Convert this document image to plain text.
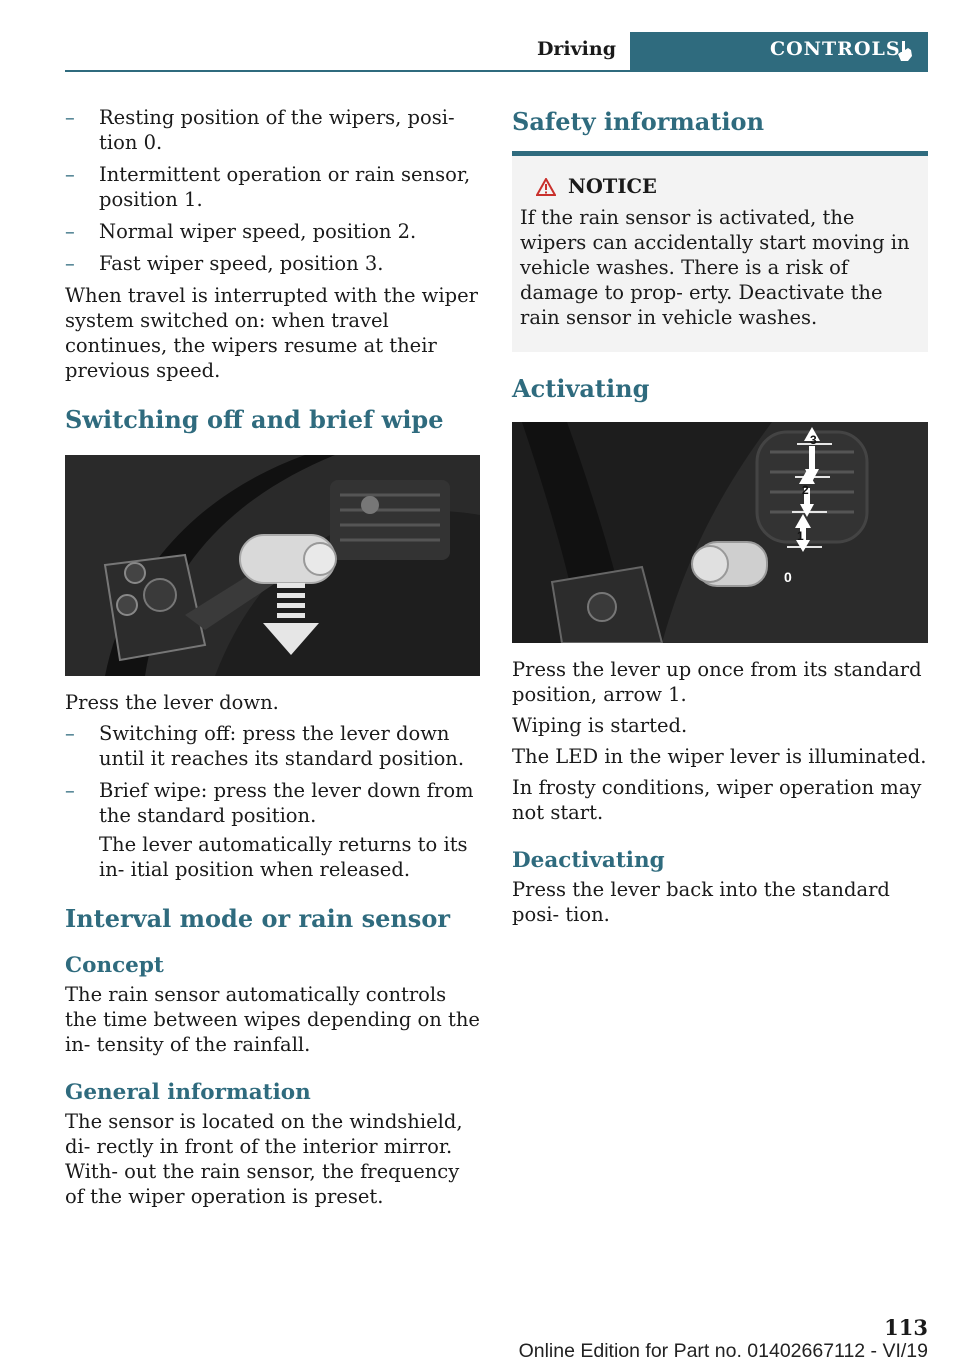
Driving	CONTROLS
– Resting position of the wipers, posi‐ tion 0.
– Intermittent operation or rain sensor, position 1.
– Normal wiper speed, position 2.
– Fast wiper speed, position 3.

When travel is interrupted with the wiper system switched on: when travel continues, the wipers resume at their previous speed.

Switching off and brief wipe

Press the lever down.

– Switching off: press the lever down until it reaches its standard position.
– Brief wipe: press the lever down from the standard position.

The lever automatically returns to its in‐ itial position when released.

Interval mode or rain sensor
Concept

The rain sensor automatically controls the time between wipes depending on the in‐ tensity of the rainfall.

General information

The sensor is located on the windshield, di‐ rectly in front of the interior mirror. With‐ out the rain sensor, the frequency of the wiper operation is preset.

Safety information
NOTICE

If the rain sensor is activated, the wipers can accidentally start moving in vehicle washes. There is a risk of damage to prop‐ erty. Deactivate the rain sensor in vehicle washes.

Activating
1
2
3
0

Press the lever up once from its standard position, arrow 1.

Wiping is started.

The LED in the wiper lever is illuminated.

In frosty conditions, wiper operation may not start.

Deactivating

Press the lever back into the standard posi‐ tion.

113
Online Edition for Part no. 01402667112 - VI/19
